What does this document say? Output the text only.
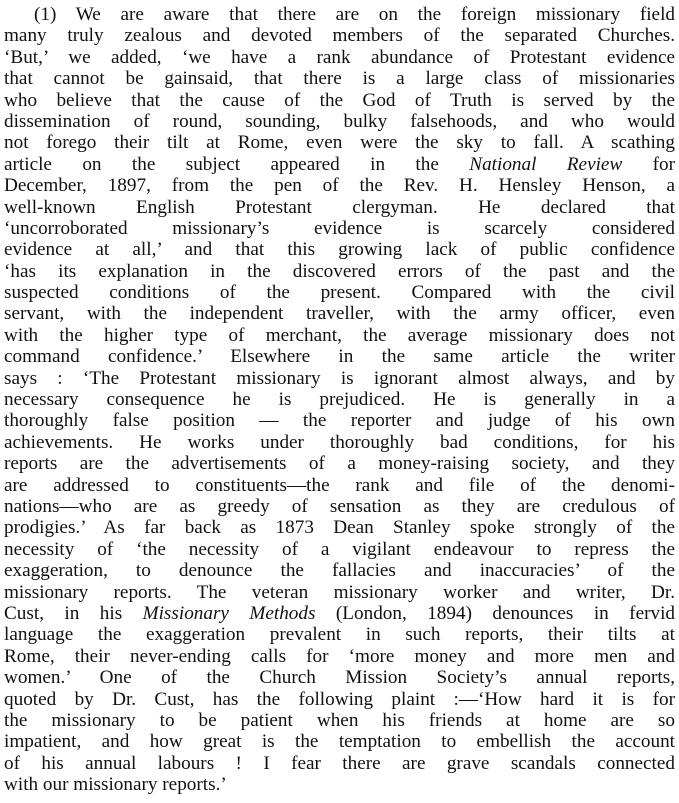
(1) We are aware that there are on the foreign missionary field
many truly zealous and devoted members of the separated Churches.
‘But,’ we added, ‘we have a rank abundance of Protestant evidence
that cannot be gainsaid, that there is a large class of missionaries
who believe that the cause of the God of Truth is served by the
dissemination of round, sounding, bulky falsehoods, and who would
not forego their tilt at Rome, even were the sky to fall. A scathing
article on the subject appeared in the National Review for
December, 1897, from the pen of the Rev. H. Hensley Henson, a
well-known English Protestant clergyman. He declared that
‘uncorroborated missionary’s evidence is scarcely considered
evidence at all,’ and that this growing lack of public confidence
‘has its explanation in the discovered errors of the past and the
suspected conditions of the present. Compared with the civil
servant, with the independent traveller, with the army officer, even
with the higher type of merchant, the average missionary does not
command confidence.’ Elsewhere in the same article the writer
says : ‘The Protestant missionary is ignorant almost always, and by
necessary consequence he is prejudiced. He is generally in a
thoroughly false position — the reporter and judge of his own
achievements. He works under thoroughly bad conditions, for his
reports are the advertisements of a money-raising society, and they
are addressed to constituents—the rank and file of the denomi-
nations—who are as greedy of sensation as they are credulous of
prodigies.’ As far back as 1873 Dean Stanley spoke strongly of the
necessity of ‘the necessity of a vigilant endeavour to repress the
exaggeration, to denounce the fallacies and inaccuracies’ of the
missionary reports. The veteran missionary worker and writer, Dr.
Cust, in his Missionary Methods (London, 1894) denounces in fervid
language the exaggeration prevalent in such reports, their tilts at
Rome, their never-ending calls for ‘more money and more men and
women.’ One of the Church Mission Society’s annual reports,
quoted by Dr. Cust, has the following plaint :—‘How hard it is for
the missionary to be patient when his friends at home are so
impatient, and how great is the temptation to embellish the account
of his annual labours ! I fear there are grave scandals connected
with our missionary reports.’
